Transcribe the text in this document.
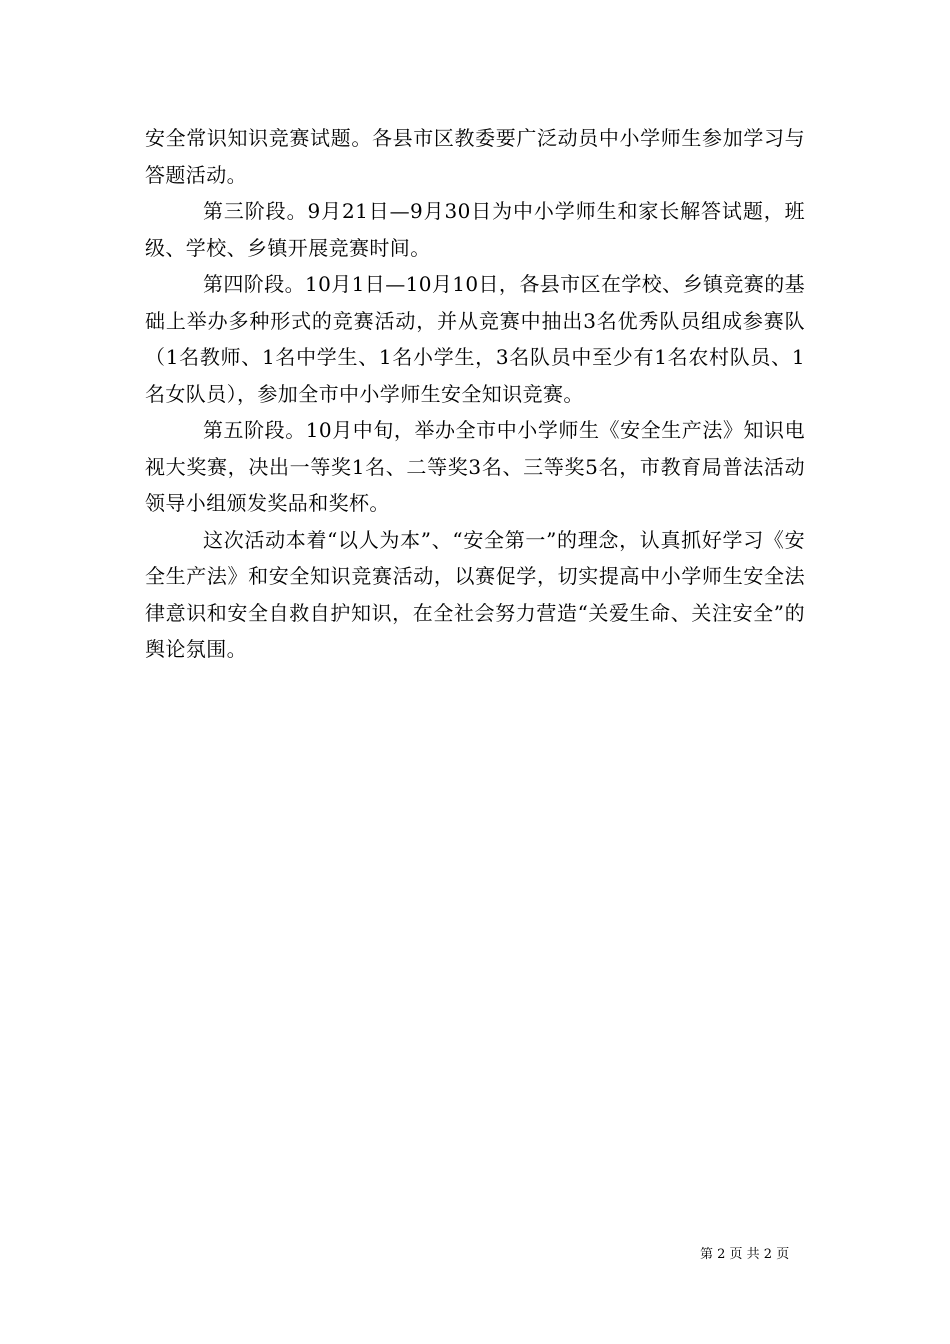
安全常识知识竞赛试题。各县市区教委要广泛动员中小学师生参加学习与答题活动。

第三阶段。9月21日—9月30日为中小学师生和家长解答试题，班级、学校、乡镇开展竞赛时间。

第四阶段。10月1日—10月10日，各县市区在学校、乡镇竞赛的基础上举办多种形式的竞赛活动，并从竞赛中抽出3名优秀队员组成参赛队（1名教师、1名中学生、1名小学生，3名队员中至少有1名农村队员、1名女队员），参加全市中小学师生安全知识竞赛。

第五阶段。10月中旬，举办全市中小学师生《安全生产法》知识电视大奖赛，决出一等奖1名、二等奖3名、三等奖5名，市教育局普法活动领导小组颁发奖品和奖杯。

这次活动本着“以人为本”、“安全第一”的理念，认真抓好学习《安全生产法》和安全知识竞赛活动，以赛促学，切实提高中小学师生安全法律意识和安全自救自护知识，在全社会努力营造“关爱生命、关注安全”的舆论氛围。

第 2 页 共 2 页
